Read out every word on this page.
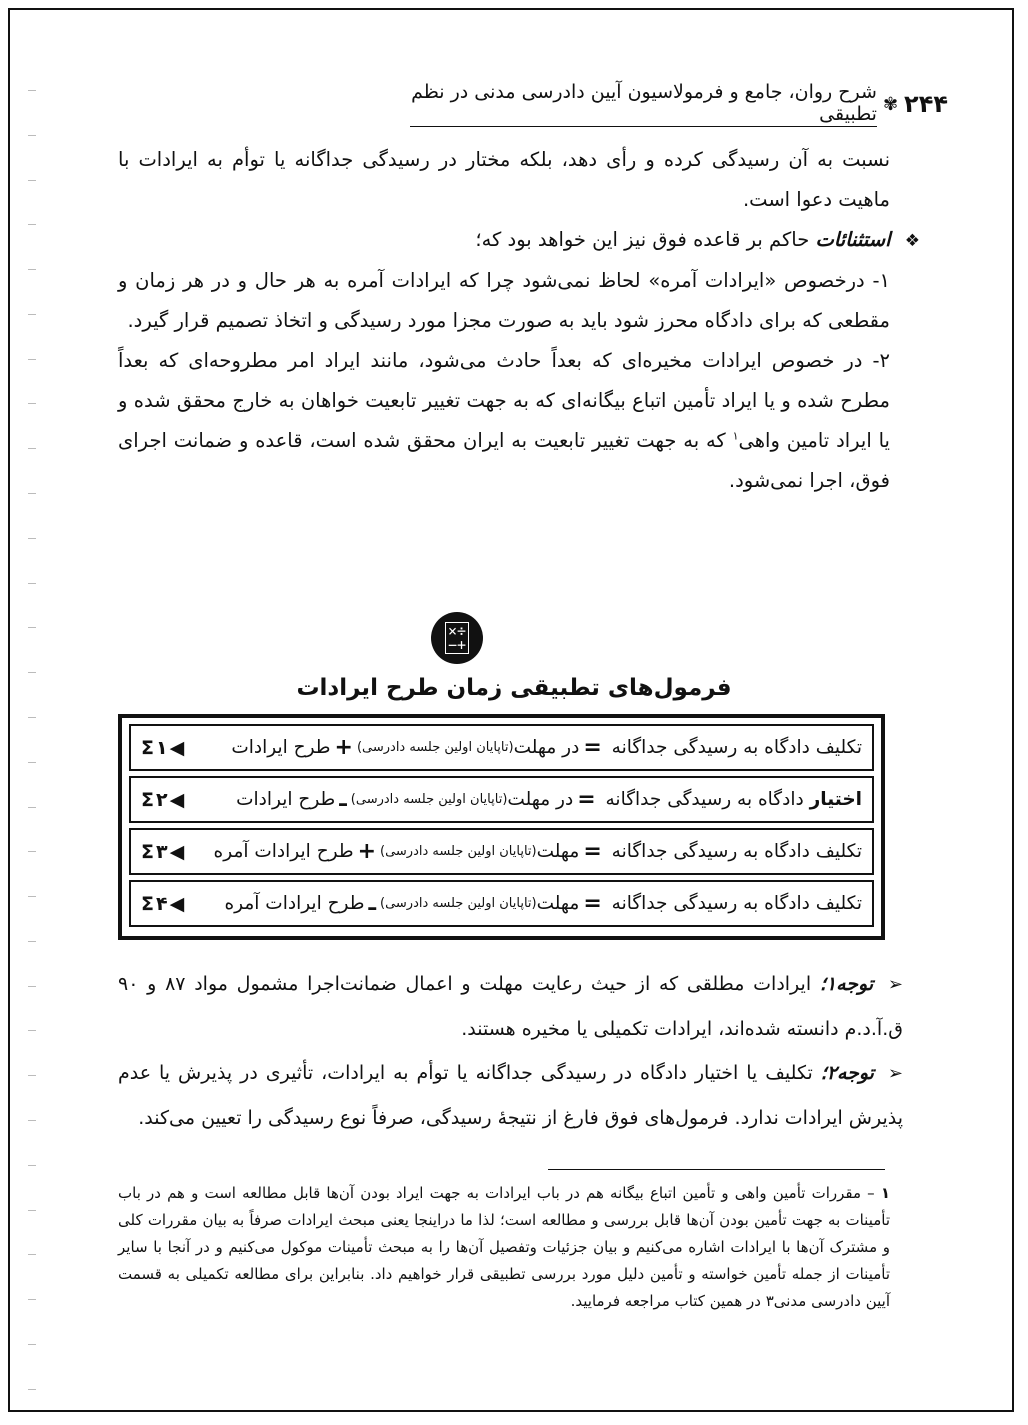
۲۴۴
✾
شرح روان، جامع و فرمولاسیون آیین دادرسی مدنی در نظم تطبیقی

نسبت به آن رسیدگی کرده و رأی دهد، بلکه مختار در رسیدگی جداگانه یا توأم به ایرادات با ماهیت دعوا است.

❖ استثنائات حاکم بر قاعده فوق نیز این خواهد بود که؛

۱- درخصوص «ایرادات آمره» لحاظ نمی‌شود چرا که ایرادات آمره به هر حال و در هر زمان و مقطعی که برای دادگاه محرز شود باید به صورت مجزا مورد رسیدگی و اتخاذ تصمیم قرار گیرد.

۲- در خصوص ایرادات مخیره‌ای که بعداً حادث می‌شود، مانند ایراد امر مطروحه‌ای که بعداً مطرح شده و یا ایراد تأمین اتباع بیگانه‌ای که به جهت تغییر تابعیت خواهان به خارج محقق شده و یا ایراد تامین واهی$^۱$ که به جهت تغییر تابعیت به ایران محقق شده است، قاعده و ضمانت اجرای فوق، اجرا نمی‌شود.

×÷
−+
فرمول‌های تطبیقی زمان طرح ایرادات
تکلیف دادگاه به رسیدگی جداگانه

=
در مهلت
(تاپایان اولین جلسه دادرسی)
+
طرح ایرادات
Σ ۱ ◀
اختیار

دادگاه به رسیدگی جداگانه

=
در مهلت
(تاپایان اولین جلسه دادرسی)
ـ
طرح ایرادات
Σ ۲ ◀
تکلیف دادگاه به رسیدگی جداگانه

=
مهلت
(تاپایان اولین جلسه دادرسی)
+
طرح ایرادات آمره
Σ ۳ ◀
تکلیف دادگاه به رسیدگی جداگانه

=
مهلت
(تاپایان اولین جلسه دادرسی)
ـ
طرح ایرادات آمره
Σ ۴ ◀

➢ توجه۱؛ ایرادات مطلقی که از حیث رعایت مهلت و اعمال ضمانت‌اجرا مشمول مواد ۸۷ و ۹۰ ق.آ.د.م دانسته شده‌اند، ایرادات تکمیلی یا مخیره هستند.

➢ توجه۲؛ تکلیف یا اختیار دادگاه در رسیدگی جداگانه یا توأم به ایرادات، تأثیری در پذیرش یا عدم پذیرش ایرادات ندارد. فرمول‌های فوق فارغ از نتیجهٔ رسیدگی، صرفاً نوع رسیدگی را تعیین می‌کند.

۱ – مقررات تأمین واهی و تأمین اتباع بیگانه هم در باب ایرادات به جهت ایراد بودن آن‌ها قابل مطالعه است و هم در باب تأمینات به جهت تأمین بودن آن‌ها قابل بررسی و مطالعه است؛ لذا ما دراینجا یعنی مبحث ایرادات صرفاً به بیان مقررات کلی و مشترک آن‌ها با ایرادات اشاره می‌کنیم و بیان جزئیات وتفصیل آن‌ها را به مبحث تأمینات موکول می‌کنیم و در آنجا با سایر تأمینات از جمله تأمین خواسته و تأمین دلیل مورد بررسی تطبیقی قرار خواهیم داد. بنابراین برای مطالعه تکمیلی به قسمت آیین دادرسی مدنی۳ در همین کتاب مراجعه فرمایید.
